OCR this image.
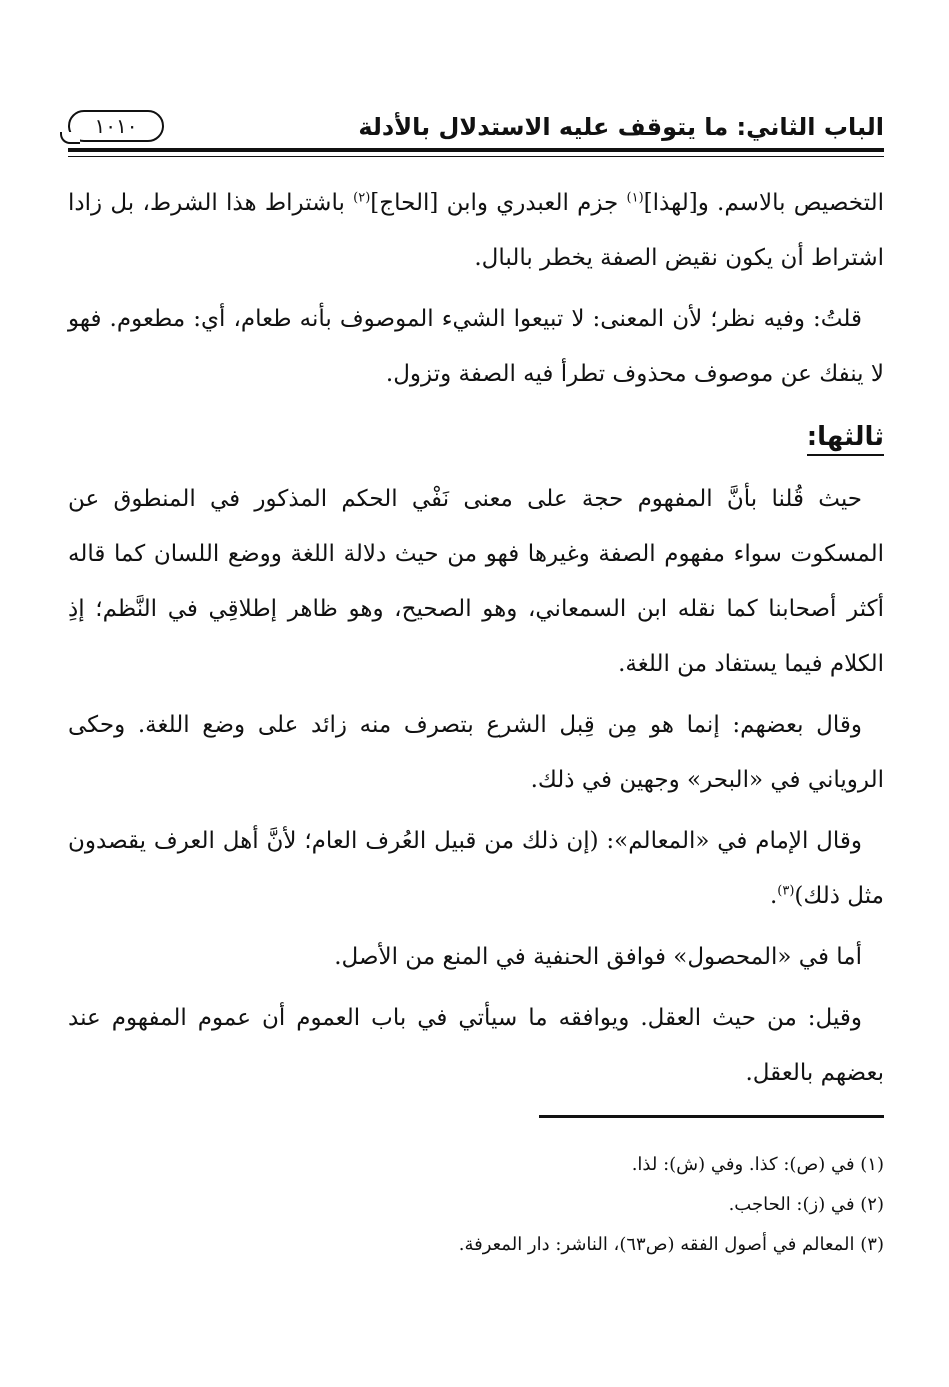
الباب الثاني: ما يتوقف عليه الاستدلال بالأدلة
١٠١٠

التخصيص بالاسم. و[لهذا]$^{(١)}$ جزم العبدري وابن [الحاج]$^{(٢)}$ باشتراط هذا الشرط، بل زادا اشتراط أن يكون نقيض الصفة يخطر بالبال.

قلتُ: وفيه نظر؛ لأن المعنى: لا تبيعوا الشيء الموصوف بأنه طعام، أي: مطعوم. فهو لا ينفك عن موصوف محذوف تطرأ فيه الصفة وتزول.

ثالثها:

حيث قُلنا بأنَّ المفهوم حجة على معنى نَفْي الحكم المذكور في المنطوق عن المسكوت سواء مفهوم الصفة وغيرها فهو من حيث دلالة اللغة ووضع اللسان كما قاله أكثر أصحابنا كما نقله ابن السمعاني، وهو الصحيح، وهو ظاهر إطلاقِي في النَّظم؛ إذِ الكلام فيما يستفاد من اللغة.

وقال بعضهم: إنما هو مِن قِبل الشرع بتصرف منه زائد على وضع اللغة. وحكى الروياني في «البحر» وجهين في ذلك.

وقال الإمام في «المعالم»: (إن ذلك من قبيل العُرف العام؛ لأنَّ أهل العرف يقصدون مثل ذلك)$^{(٣)}$.

أما في «المحصول» فوافق الحنفية في المنع من الأصل.

وقيل: من حيث العقل. ويوافقه ما سيأتي في باب العموم أن عموم المفهوم عند بعضهم بالعقل.

(١) في (ص): كذا. وفي (ش): لذا.

(٢) في (ز): الحاجب.

(٣) المعالم في أصول الفقه (ص٦٣)، الناشر: دار المعرفة.
